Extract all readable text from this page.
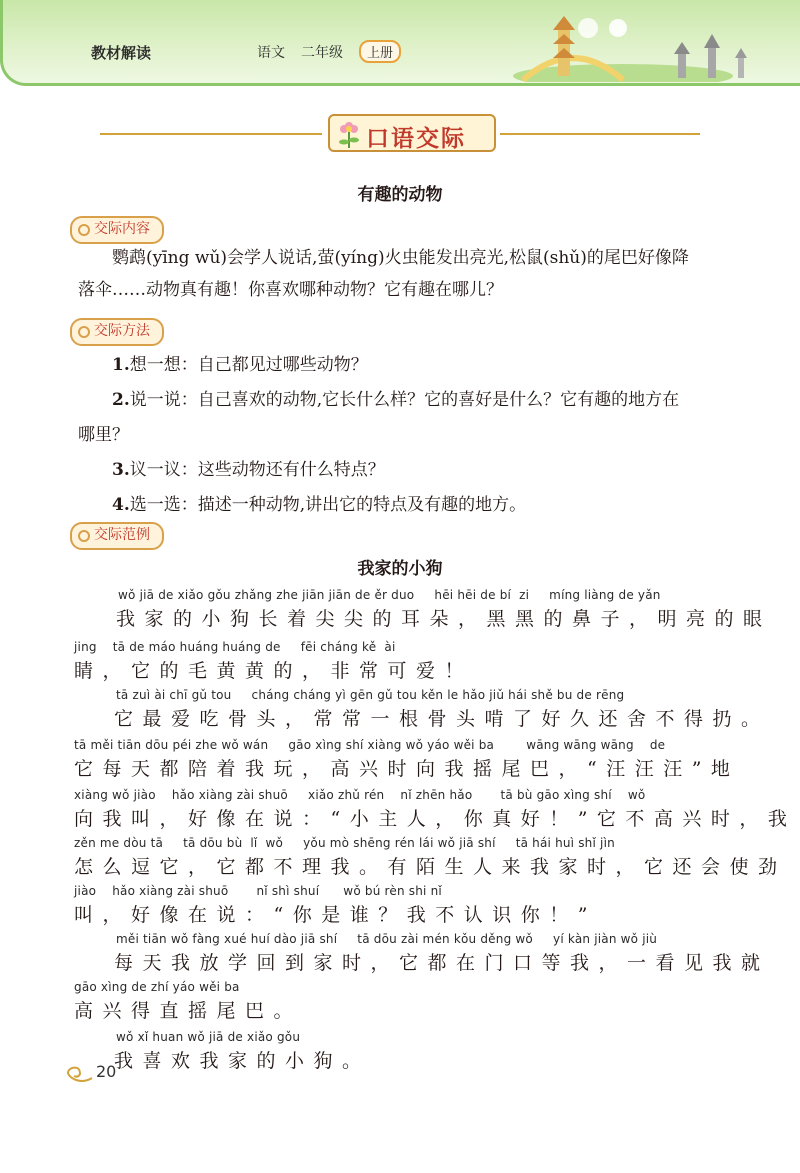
教材解读	语文 二年级	上册
口语交际
有趣的动物
交际内容
鹦鹉(yīng wǔ)会学人说话,萤(yíng)火虫能发出亮光,松鼠(shǔ)的尾巴好像降
落伞……动物真有趣！你喜欢哪种动物？它有趣在哪儿？
交际方法
1.想一想：自己都见过哪些动物？
2.说一说：自己喜欢的动物,它长什么样？它的喜好是什么？它有趣的地方在
哪里？
3.议一议：这些动物还有什么特点？
4.选一选：描述一种动物,讲出它的特点及有趣的地方。
交际范例
我家的小狗
wǒ jiā de xiǎo gǒu zhǎng zhe jiān jiān de ěr duo     hēi hēi de bí  zi     míng liàng de yǎn
我家的小狗长着尖尖的耳朵，黑黑的鼻子，明亮的眼
jing    tā de máo huáng huáng de     fēi cháng kě  ài
睛，它的毛黄黄的，非常可爱！
tā zuì ài chī gǔ tou     cháng cháng yì gēn gǔ tou kěn le hǎo jiǔ hái shě bu de rēng
它最爱吃骨头，常常一根骨头啃了好久还舍不得扔。
tā měi tiān dōu péi zhe wǒ wán     gāo xìng shí xiàng wǒ yáo wěi ba        wāng wāng wāng    de
它每天都陪着我玩，高兴时向我摇尾巴，“汪汪汪”地
xiàng wǒ jiào    hǎo xiàng zài shuō     xiǎo zhǔ rén    nǐ zhēn hǎo       tā bù gāo xìng shí    wǒ
向我叫，好像在说：“小主人，你真好！”它不高兴时，我
zěn me dòu tā     tā dōu bù  lǐ  wǒ     yǒu mò shēng rén lái wǒ jiā shí     tā hái huì shǐ jìn
怎么逗它，它都不理我。有陌生人来我家时，它还会使劲
jiào    hǎo xiàng zài shuō       nǐ shì shuí      wǒ bú rèn shi nǐ
叫，好像在说：“你是谁？我不认识你！”
měi tiān wǒ fàng xué huí dào jiā shí     tā dōu zài mén kǒu děng wǒ     yí kàn jiàn wǒ jiù
每天我放学回到家时，它都在门口等我，一看见我就
gāo xìng de zhí yáo wěi ba
高兴得直摇尾巴。
wǒ xǐ huan wǒ jiā de xiǎo gǒu
我喜欢我家的小狗。
20
